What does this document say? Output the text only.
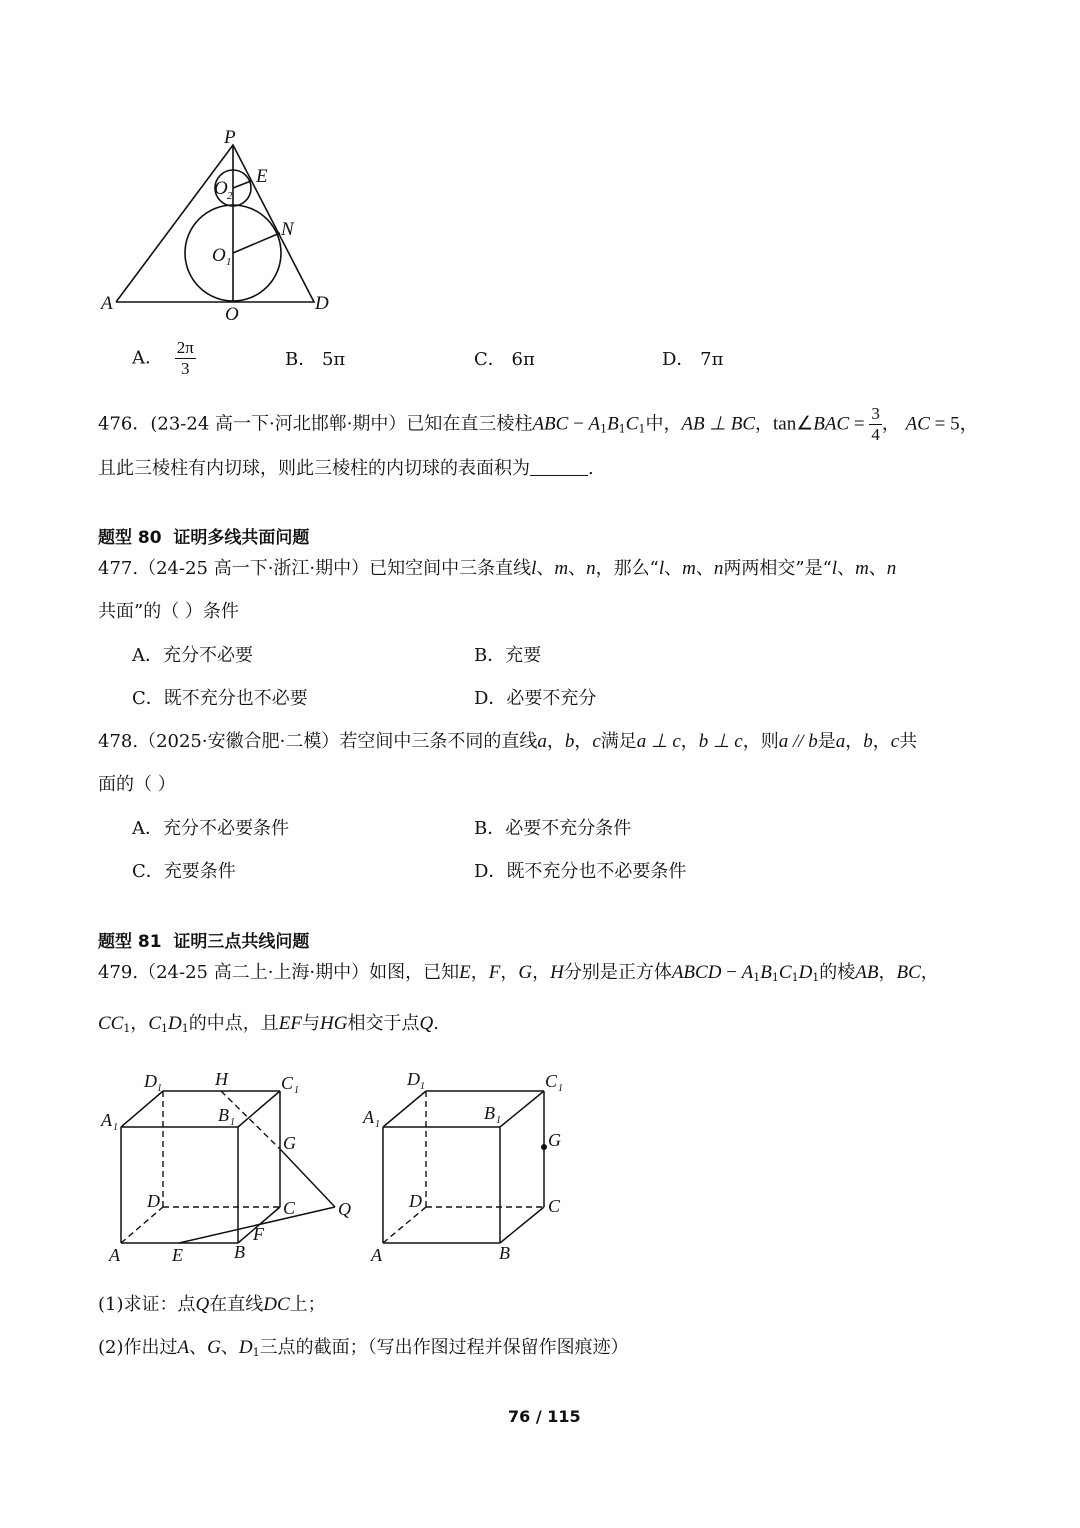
P
E
O 2
N
O 1
A
O
D
A． $\frac{2\pi}{3}$	B． 5π	C． 6π	D． 7π
476．(23-24 高一下·河北邯郸·期中）已知在直三棱柱ABC − $A_1B_1C_1$中，AB ⊥ BC，tan∠BAC = $\frac{3}{4}$ ， AC = 5，
且此三棱柱有内切球，则此三棱柱的内切球的表面积为	.
题型 80 证明多线共面问题
477.（24-25 高一下·浙江·期中）已知空间中三条直线l、m、n，那么“l、m、n两两相交”是“l、m、n
共面”的（ ）条件
A．充分不必要	B．充要
C．既不充分也不必要	D．必要不充分
478.（2025·安徽合肥·二模）若空间中三条不同的直线a，b，c满足a ⊥ c，b ⊥ c，则a // b是a，b，c共
面的（ ）
A．充分不必要条件	B．必要不充分条件
C．充要条件	D．既不充分也不必要条件
题型 81 证明三点共线问题
479.（24-25 高二上·上海·期中）如图，已知E，F，G，H分别是正方体ABCD − $A_1B_1C_1D_1$的棱AB，BC，
$CC_1$，$C_1D_1$的中点，且EF与HG相交于点Q.
D 1	H	C 1
A 1
B 1
G
D	C Q
F
A	E	B
D 1	C 1
A 1
B 1
G
D	C
A	B
(1)求证：点Q在直线DC上；
(2)作出过A、G、$D_1$三点的截面；（写出作图过程并保留作图痕迹）
76 / 115
